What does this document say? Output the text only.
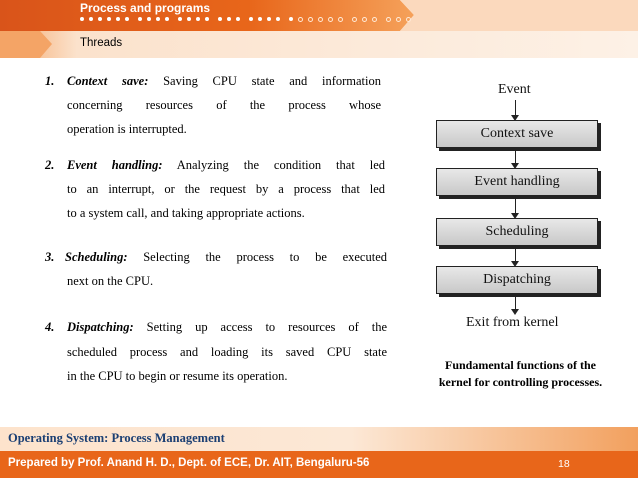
Process and programs
Threads
1. Context save: Saving CPU state and information
concerning resources of the process whose
operation is interrupted.
2. Event handling: Analyzing the condition that led
to an interrupt, or the request by a process that led
to a system call, and taking appropriate actions.
3. Scheduling: Selecting the process to be executed
next on the CPU.
4. Dispatching: Setting up access to resources of the
scheduled process and loading its saved CPU state
in the CPU to begin or resume its operation.
Event
Context save
Event handling
Scheduling
Dispatching
Exit from kernel
Fundamental functions of the
kernel for controlling processes.
Operating System: Process Management
Prepared by Prof. Anand H. D., Dept. of ECE, Dr. AIT, Bengaluru-56	18
